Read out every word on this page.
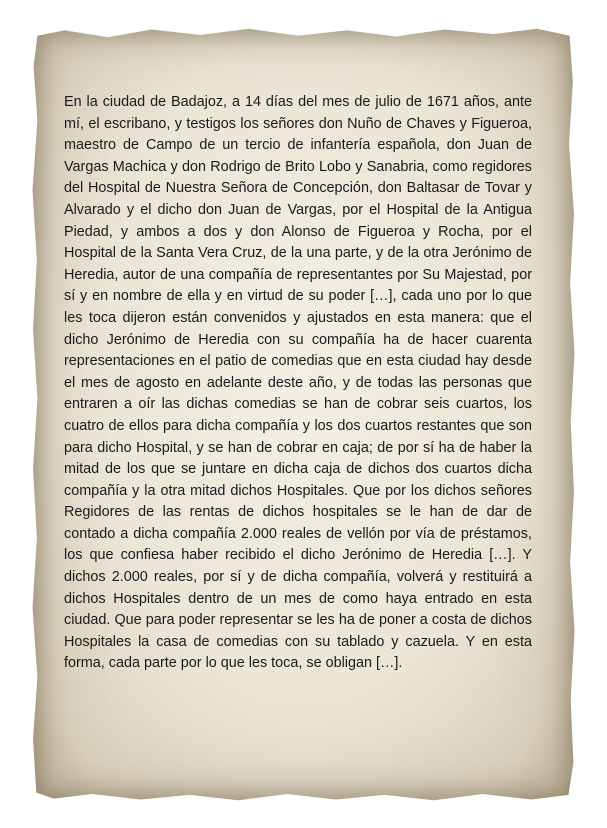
En la ciudad de Badajoz, a 14 días del mes de julio de 1671 años, ante mí, el escribano, y testigos los señores don Nuño de Chaves y Figueroa, maestro de Campo de un tercio de infantería española, don Juan de Vargas Machica y don Rodrigo de Brito Lobo y Sanabria, como regidores del Hospital de Nuestra Señora de Concepción, don Baltasar de Tovar y Alvarado y el dicho don Juan de Vargas, por el Hospital de la Antigua Piedad, y ambos a dos y don Alonso de Figueroa y Rocha, por el Hospital de la Santa Vera Cruz, de la una parte, y de la otra Jerónimo de Heredia, autor de una compañía de representantes por Su Majestad, por sí y en nombre de ella y en virtud de su poder […], cada uno por lo que les toca dijeron están convenidos y ajustados en esta manera: que el dicho Jerónimo de Heredia con su compañía ha de hacer cuarenta representaciones en el patio de comedias que en esta ciudad hay desde el mes de agosto en adelante deste año, y de todas las personas que entraren a oír las dichas comedias se han de cobrar seis cuartos, los cuatro de ellos para dicha compañía y los dos cuartos restantes que son para dicho Hospital, y se han de cobrar en caja; de por sí ha de haber la mitad de los que se juntare en dicha caja de dichos dos cuartos dicha compañía y la otra mitad dichos Hospitales. Que por los dichos señores Regidores de las rentas de dichos hospitales se le han de dar de contado a dicha compañía 2.000 reales de vellón por vía de préstamos, los que confiesa haber recibido el dicho Jerónimo de Heredia […]. Y dichos 2.000 reales, por sí y de dicha compañía, volverá y restituirá a dichos Hospitales dentro de un mes de como haya entrado en esta ciudad. Que para poder representar se les ha de poner a costa de dichos Hospitales la casa de comedias con su tablado y cazuela. Y en esta forma, cada parte por lo que les toca, se obligan […].
